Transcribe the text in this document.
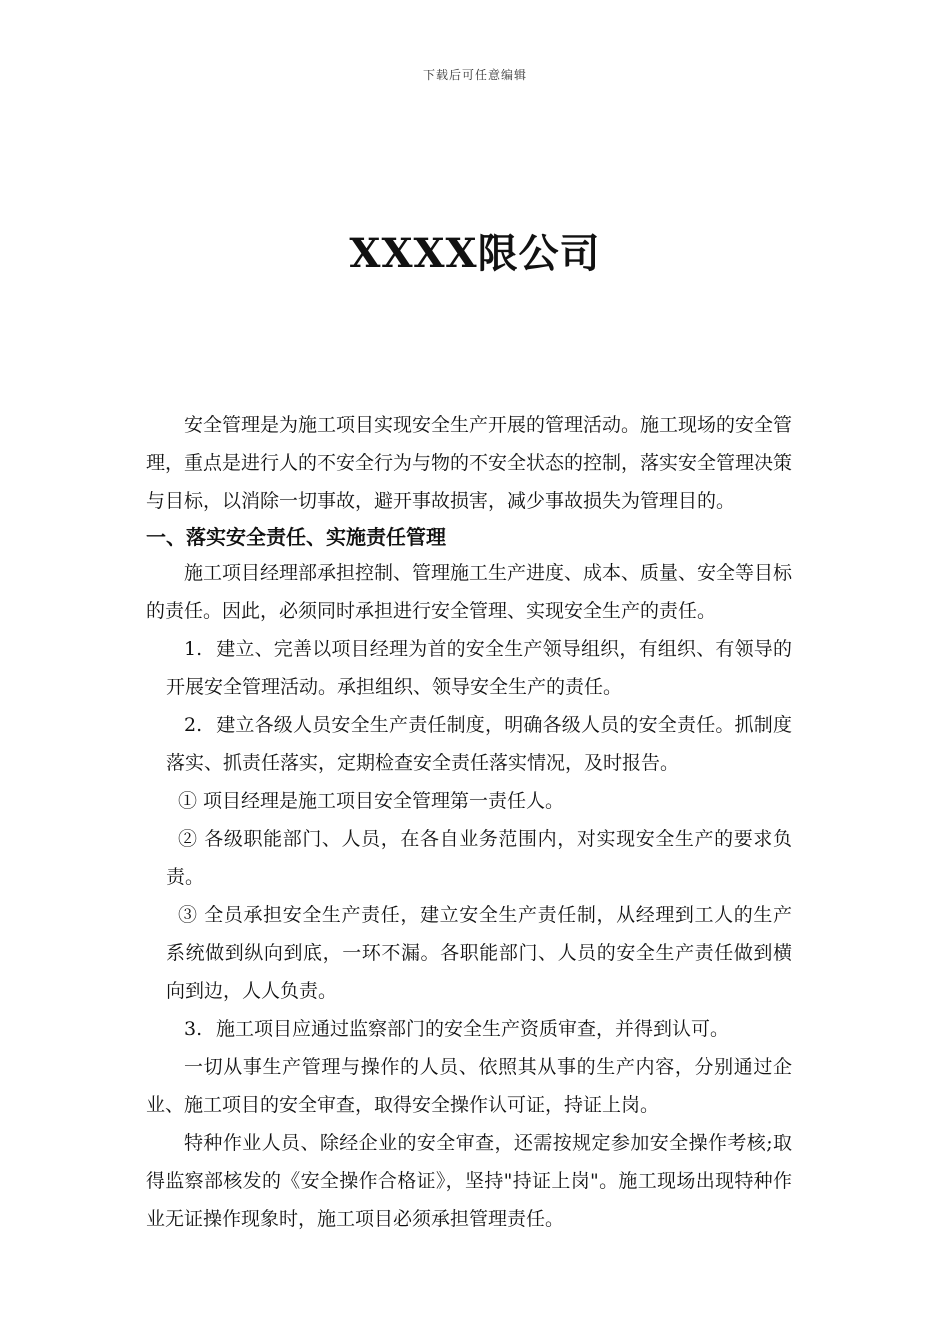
下载后可任意编辑
XXXX限公司

安全管理是为施工项目实现安全生产开展的管理活动。施工现场的安全管理，重点是进行人的不安全行为与物的不安全状态的控制，落实安全管理决策与目标，以消除一切事故，避开事故损害，减少事故损失为管理目的。

一、落实安全责任、实施责任管理

施工项目经理部承担控制、管理施工生产进度、成本、质量、安全等目标的责任。因此，必须同时承担进行安全管理、实现安全生产的责任。

1. 建立、完善以项目经理为首的安全生产领导组织，有组织、有领导的开展安全管理活动。承担组织、领导安全生产的责任。

2. 建立各级人员安全生产责任制度，明确各级人员的安全责任。抓制度落实、抓责任落实，定期检查安全责任落实情况，及时报告。

① 项目经理是施工项目安全管理第一责任人。

② 各级职能部门、人员，在各自业务范围内，对实现安全生产的要求负责。

③ 全员承担安全生产责任，建立安全生产责任制，从经理到工人的生产系统做到纵向到底，一环不漏。各职能部门、人员的安全生产责任做到横向到边，人人负责。

3. 施工项目应通过监察部门的安全生产资质审查，并得到认可。

一切从事生产管理与操作的人员、依照其从事的生产内容，分别通过企业、施工项目的安全审查，取得安全操作认可证，持证上岗。

特种作业人员、除经企业的安全审查，还需按规定参加安全操作考核;取得监察部核发的《安全操作合格证》，坚持"持证上岗"。施工现场出现特种作业无证操作现象时，施工项目必须承担管理责任。
